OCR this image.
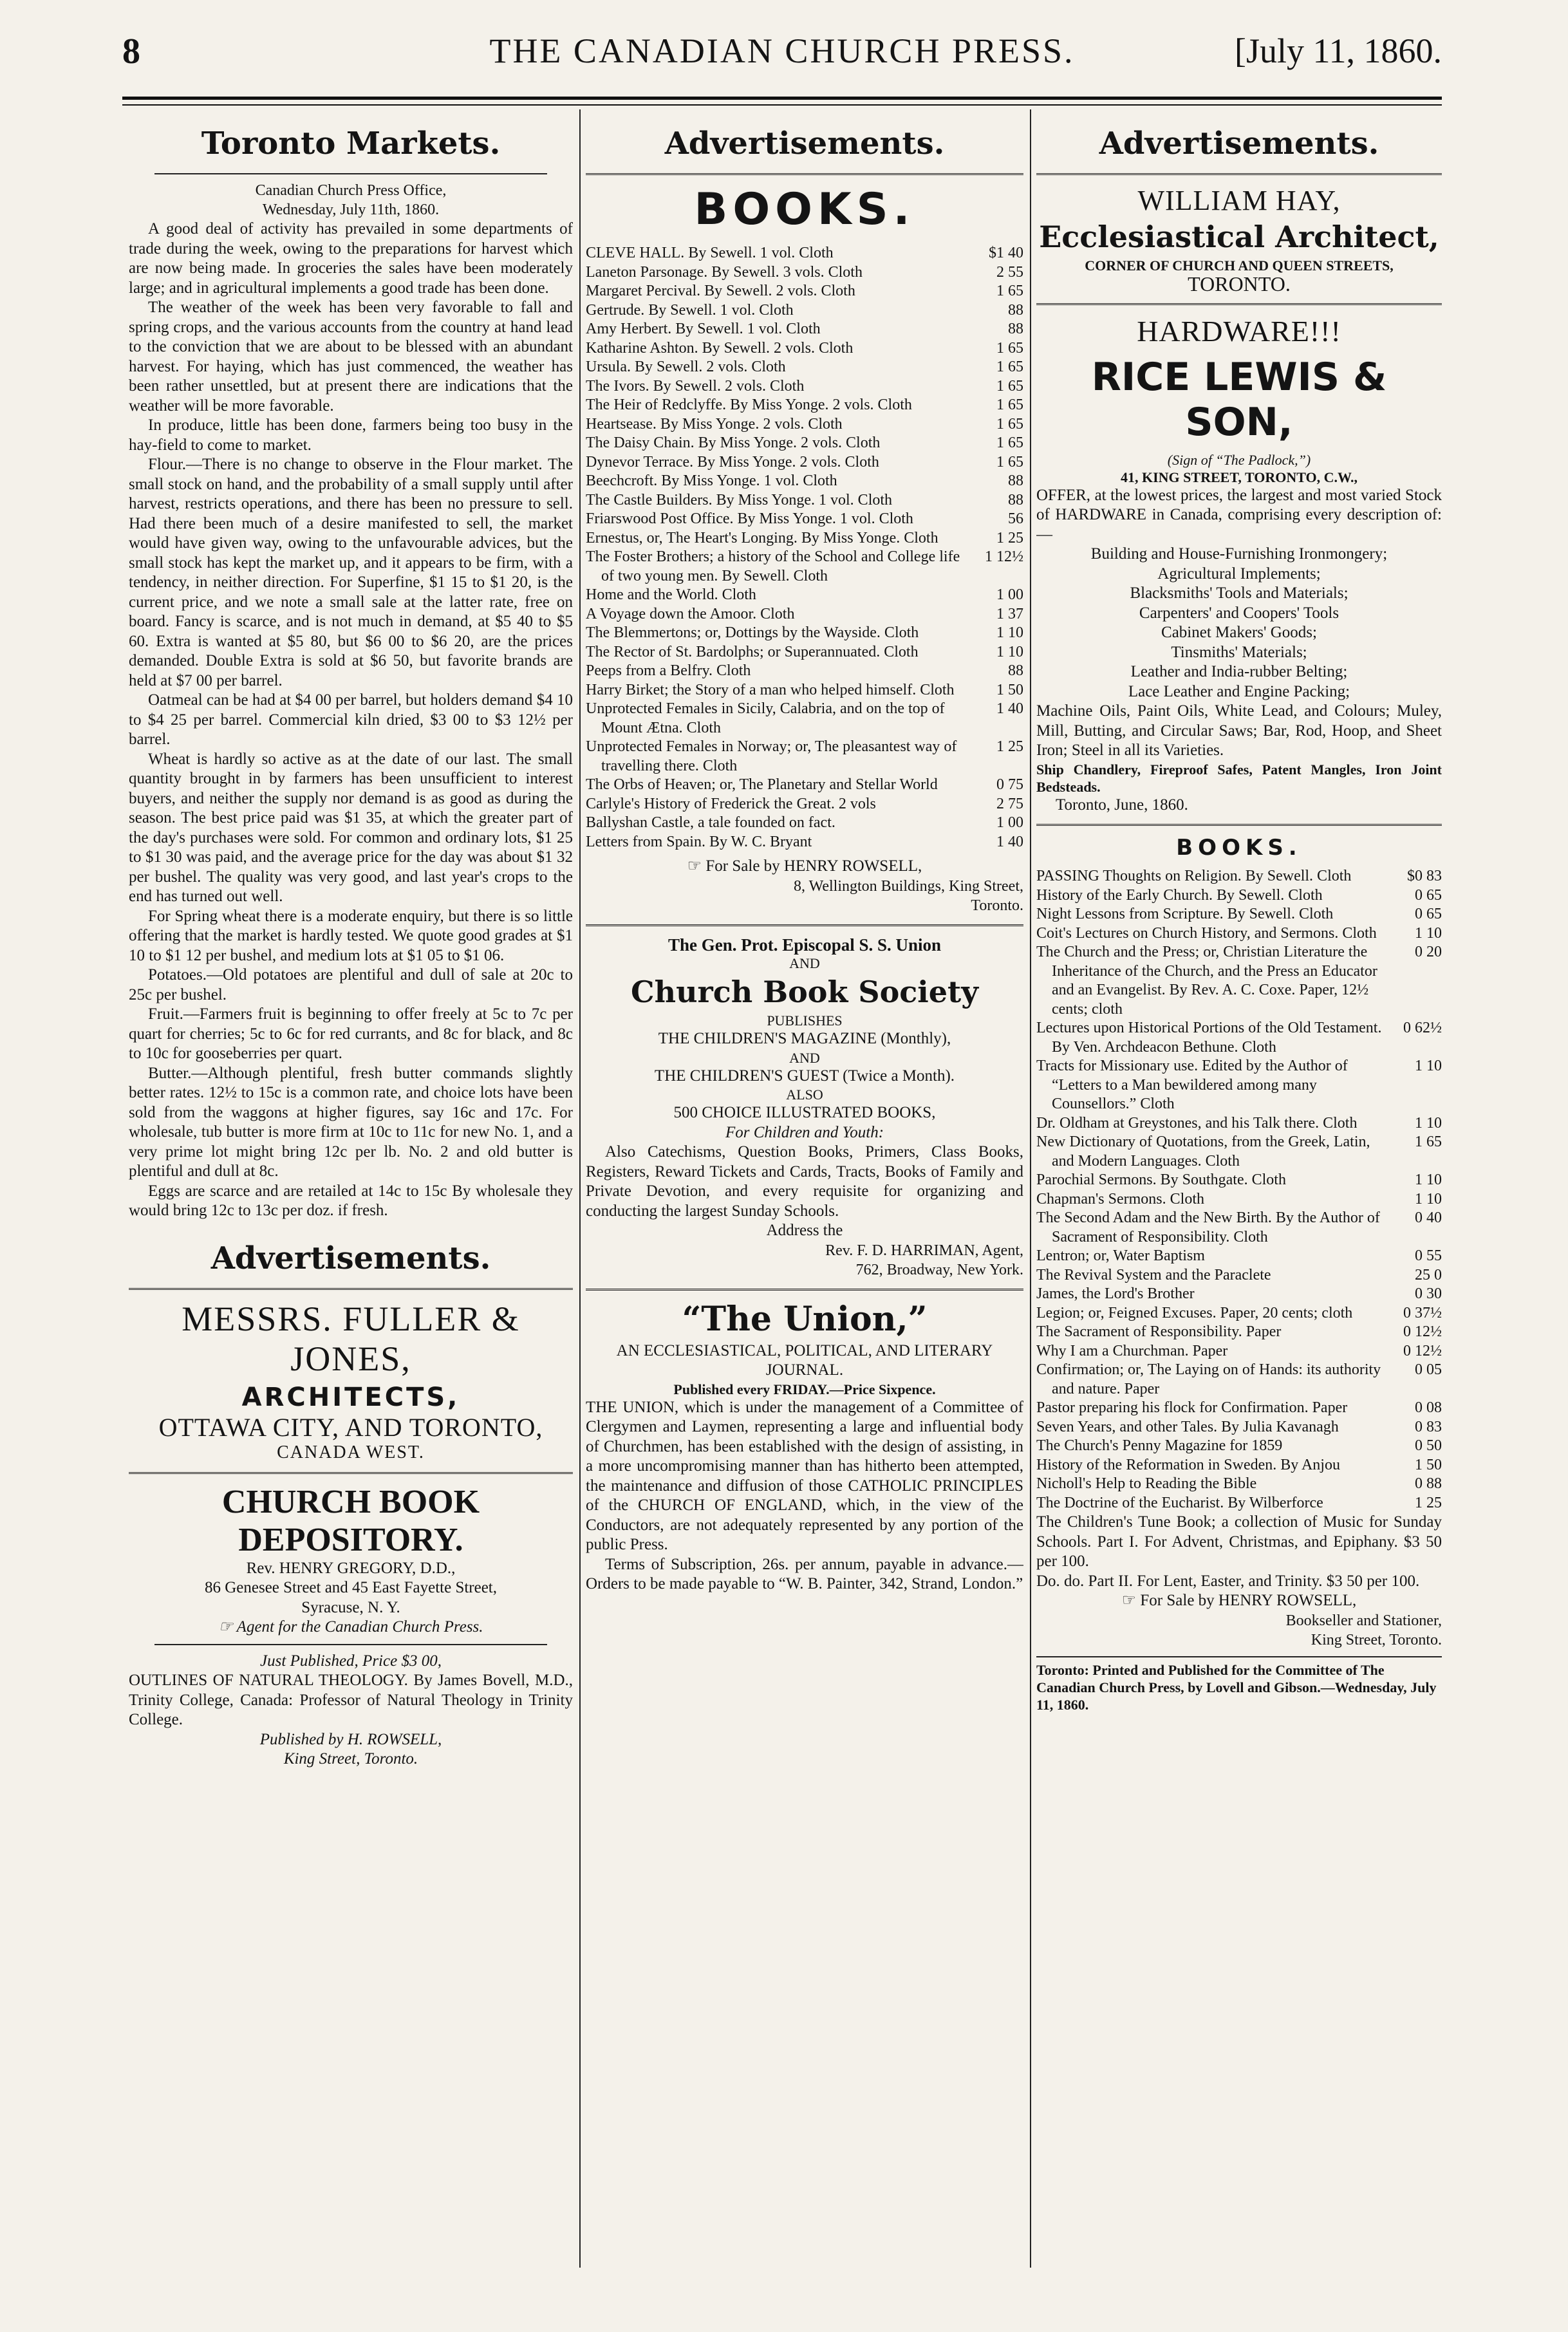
8	THE CANADIAN CHURCH PRESS.	[July 11, 1860.
Toronto Markets.
Canadian Church Press Office,
Wednesday, July 11th, 1860.

A good deal of activity has prevailed in some departments of trade during the week, owing to the preparations for harvest which are now being made. In groceries the sales have been moderately large; and in agricultural implements a good trade has been done.

The weather of the week has been very favorable to fall and spring crops, and the various accounts from the country at hand lead to the conviction that we are about to be blessed with an abundant harvest. For haying, which has just commenced, the weather has been rather unsettled, but at present there are indications that the weather will be more favorable.

In produce, little has been done, farmers being too busy in the hay-field to come to market.

Flour.—There is no change to observe in the Flour market. The small stock on hand, and the probability of a small supply until after harvest, restricts operations, and there has been no pressure to sell. Had there been much of a desire manifested to sell, the market would have given way, owing to the unfavourable advices, but the small stock has kept the market up, and it appears to be firm, with a tendency, in neither direction. For Superfine, $1 15 to $1 20, is the current price, and we note a small sale at the latter rate, free on board. Fancy is scarce, and is not much in demand, at $5 40 to $5 60. Extra is wanted at $5 80, but $6 00 to $6 20, are the prices demanded. Double Extra is sold at $6 50, but favorite brands are held at $7 00 per barrel.

Oatmeal can be had at $4 00 per barrel, but holders demand $4 10 to $4 25 per barrel. Commercial kiln dried, $3 00 to $3 12½ per barrel.

Wheat is hardly so active as at the date of our last. The small quantity brought in by farmers has been unsufficient to interest buyers, and neither the supply nor demand is as good as during the season. The best price paid was $1 35, at which the greater part of the day's purchases were sold. For common and ordinary lots, $1 25 to $1 30 was paid, and the average price for the day was about $1 32 per bushel. The quality was very good, and last year's crops to the end has turned out well.

For Spring wheat there is a moderate enquiry, but there is so little offering that the market is hardly tested. We quote good grades at $1 10 to $1 12 per bushel, and medium lots at $1 05 to $1 06.

Potatoes.—Old potatoes are plentiful and dull of sale at 20c to 25c per bushel.

Fruit.—Farmers fruit is beginning to offer freely at 5c to 7c per quart for cherries; 5c to 6c for red currants, and 8c for black, and 8c to 10c for gooseberries per quart.

Butter.—Although plentiful, fresh butter commands slightly better rates. 12½ to 15c is a common rate, and choice lots have been sold from the waggons at higher figures, say 16c and 17c. For wholesale, tub butter is more firm at 10c to 11c for new No. 1, and a very prime lot might bring 12c per lb. No. 2 and old butter is plentiful and dull at 8c.

Eggs are scarce and are retailed at 14c to 15c By wholesale they would bring 12c to 13c per doz. if fresh.

Advertisements.
MESSRS. FULLER & JONES,
ARCHITECTS,
OTTAWA CITY, AND TORONTO,
CANADA WEST.
CHURCH BOOK DEPOSITORY.

Rev. HENRY GREGORY, D.D.,

86 Genesee Street and 45 East Fayette Street,

Syracuse, N. Y.

☞ Agent for the Canadian Church Press.

Just Published, Price $3 00,

OUTLINES OF NATURAL THEOLOGY. By James Bovell, M.D., Trinity College, Canada: Professor of Natural Theology in Trinity College.

Published by H. ROWSELL,

King Street, Toronto.

Advertisements.
BOOKS.
CLEVE HALL. By Sewell. 1 vol. Cloth	$1 40
Laneton Parsonage. By Sewell. 3 vols. Cloth	2 55
Margaret Percival. By Sewell. 2 vols. Cloth	1 65
Gertrude. By Sewell. 1 vol. Cloth	88
Amy Herbert. By Sewell. 1 vol. Cloth	88
Katharine Ashton. By Sewell. 2 vols. Cloth	1 65
Ursula. By Sewell. 2 vols. Cloth	1 65
The Ivors. By Sewell. 2 vols. Cloth	1 65
The Heir of Redclyffe. By Miss Yonge. 2 vols. Cloth	1 65
Heartsease. By Miss Yonge. 2 vols. Cloth	1 65
The Daisy Chain. By Miss Yonge. 2 vols. Cloth	1 65
Dynevor Terrace. By Miss Yonge. 2 vols. Cloth	1 65
Beechcroft. By Miss Yonge. 1 vol. Cloth	88
The Castle Builders. By Miss Yonge. 1 vol. Cloth	88
Friarswood Post Office. By Miss Yonge. 1 vol. Cloth	56
Ernestus, or, The Heart's Longing. By Miss Yonge. Cloth	1 25
The Foster Brothers; a history of the School and College life of two young men. By Sewell. Cloth
1 12½
Home and the World. Cloth	1 00
A Voyage down the Amoor. Cloth	1 37
The Blemmertons; or, Dottings by the Wayside. Cloth	1 10
The Rector of St. Bardolphs; or Superannuated. Cloth	1 10
Peeps from a Belfry. Cloth	88
Harry Birket; the Story of a man who helped himself. Cloth	1 50
Unprotected Females in Sicily, Calabria, and on the top of Mount Ætna. Cloth
1 40
Unprotected Females in Norway; or, The pleasantest way of travelling there. Cloth
1 25
The Orbs of Heaven; or, The Planetary and Stellar World	0 75
Carlyle's History of Frederick the Great. 2 vols	2 75
Ballyshan Castle, a tale founded on fact.	1 00
Letters from Spain. By W. C. Bryant	1 40

☞ For Sale by HENRY ROWSELL,

8, Wellington Buildings, King Street,

Toronto.

The Gen. Prot. Episcopal S. S. Union

AND

Church Book Society

PUBLISHES

THE CHILDREN'S MAGAZINE (Monthly),

AND

THE CHILDREN'S GUEST (Twice a Month).

ALSO

500 CHOICE ILLUSTRATED BOOKS,

For Children and Youth:

Also Catechisms, Question Books, Primers, Class Books, Registers, Reward Tickets and Cards, Tracts, Books of Family and Private Devotion, and every requisite for organizing and conducting the largest Sunday Schools.

Address the

Rev. F. D. HARRIMAN, Agent,

762, Broadway, New York.

“The Union,”

AN ECCLESIASTICAL, POLITICAL, AND LITERARY JOURNAL.

Published every FRIDAY.—Price Sixpence.

THE UNION, which is under the management of a Committee of Clergymen and Laymen, representing a large and influential body of Churchmen, has been established with the design of assisting, in a more uncompromising manner than has hitherto been attempted, the maintenance and diffusion of those CATHOLIC PRINCIPLES of the CHURCH OF ENGLAND, which, in the view of the Conductors, are not adequately represented by any portion of the public Press.

Terms of Subscription, 26s. per annum, payable in advance.—Orders to be made payable to “W. B. Painter, 342, Strand, London.”

Advertisements.
WILLIAM HAY,
Ecclesiastical Architect,

CORNER OF CHURCH AND QUEEN STREETS,

TORONTO.

HARDWARE!!!
RICE LEWIS & SON,

(Sign of “The Padlock,”)

41, KING STREET, TORONTO, C.W.,

OFFER, at the lowest prices, the largest and most varied Stock of HARDWARE in Canada, comprising every description of:—

Building and House-Furnishing Ironmongery;

Agricultural Implements;

Blacksmiths' Tools and Materials;

Carpenters' and Coopers' Tools

Cabinet Makers' Goods;

Tinsmiths' Materials;

Leather and India-rubber Belting;

Lace Leather and Engine Packing;

Machine Oils, Paint Oils, White Lead, and Colours; Muley, Mill, Butting, and Circular Saws; Bar, Rod, Hoop, and Sheet Iron; Steel in all its Varieties.

Ship Chandlery, Fireproof Safes, Patent Mangles, Iron Joint Bedsteads.

Toronto, June, 1860.

BOOKS.
PASSING Thoughts on Religion. By Sewell. Cloth	$0 83
History of the Early Church. By Sewell. Cloth	0 65
Night Lessons from Scripture. By Sewell. Cloth	0 65
Coit's Lectures on Church History, and Sermons. Cloth	1 10
The Church and the Press; or, Christian Literature the Inheritance of the Church, and the Press an Educator and an Evangelist. By Rev. A. C. Coxe. Paper, 12½ cents; cloth
0 20
Lectures upon Historical Portions of the Old Testament. By Ven. Archdeacon Bethune. Cloth
0 62½
Tracts for Missionary use. Edited by the Author of “Letters to a Man bewildered among many Counsellors.” Cloth
1 10
Dr. Oldham at Greystones, and his Talk there. Cloth	1 10
New Dictionary of Quotations, from the Greek, Latin, and Modern Languages. Cloth
1 65
Parochial Sermons. By Southgate. Cloth	1 10
Chapman's Sermons. Cloth	1 10
The Second Adam and the New Birth. By the Author of Sacrament of Responsibility. Cloth
0 40
Lentron; or, Water Baptism	0 55
The Revival System and the Paraclete	25 0
James, the Lord's Brother	0 30
Legion; or, Feigned Excuses. Paper, 20 cents; cloth	0 37½
The Sacrament of Responsibility. Paper	0 12½
Why I am a Churchman. Paper	0 12½
Confirmation; or, The Laying on of Hands: its authority and nature. Paper
0 05
Pastor preparing his flock for Confirmation. Paper	0 08
Seven Years, and other Tales. By Julia Kavanagh	0 83
The Church's Penny Magazine for 1859	0 50
History of the Reformation in Sweden. By Anjou	1 50
Nicholl's Help to Reading the Bible	0 88
The Doctrine of the Eucharist. By Wilberforce	1 25

The Children's Tune Book; a collection of Music for Sunday Schools. Part I. For Advent, Christmas, and Epiphany. $3 50 per 100.

Do. do. Part II. For Lent, Easter, and Trinity. $3 50 per 100.

☞ For Sale by HENRY ROWSELL,

Bookseller and Stationer,

King Street, Toronto.

Toronto: Printed and Published for the Committee of The Canadian Church Press, by Lovell and Gibson.—Wednesday, July 11, 1860.
